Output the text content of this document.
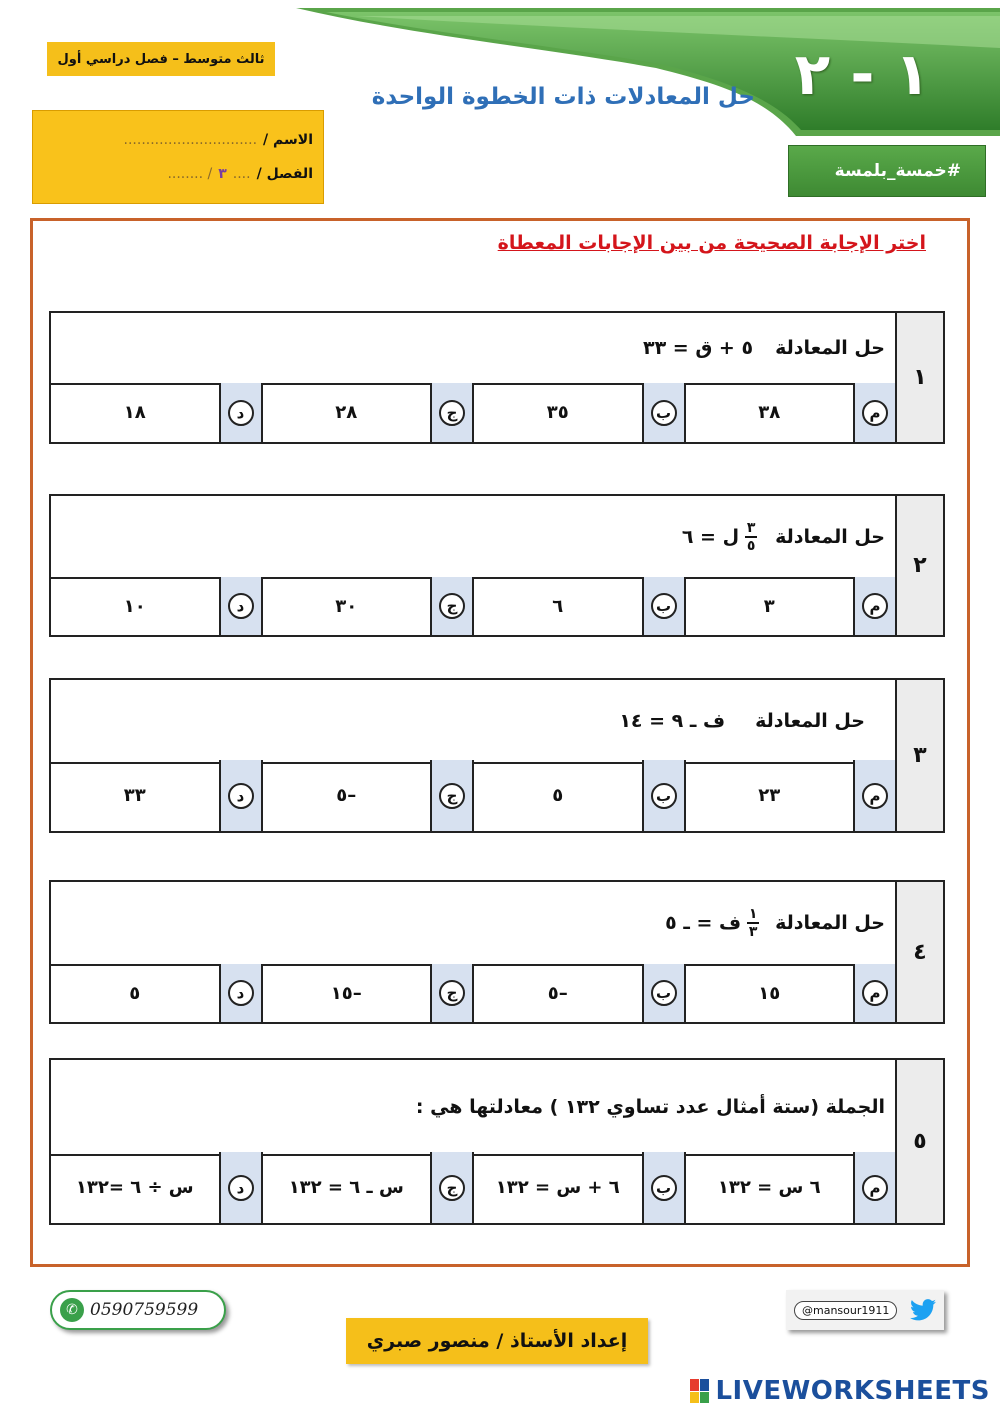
١ - ٢
حل المعادلات ذات الخطوة الواحدة
#خمسة_بلمسة
ثالث متوسط – فصل دراسي أول
الاسم /
..............................
الفصل /
....
٣
/ ........
اختر الإجابة الصحيحة من بين الإجابات المعطاة
١
حل المعادلة
٥ + ق = ٣٣
م
٣٨
ب
٣٥
ج
٢٨
د
١٨
٢
حل المعادلة
$\frac{٣}{٥}$
ل = ٦
م
٣
ب
٦
ج
٣٠
د
١٠
٣
حل المعادلة
ف ـ ٩ = ١٤
م
٢٣
ب
٥
ج
–٥
د
٣٣
٤
حل المعادلة
$\frac{١}{٣}$
ف = ـ ٥
م
١٥
ب
–٥
ج
–١٥
د
٥
٥
الجملة (ستة أمثال عدد تساوي ١٣٢ ) معادلتها هي :
م
٦ س = ١٣٢
ب
٦ + س = ١٣٢
ج
س ـ ٦ = ١٣٢
د
س ÷ ٦ =١٣٢
✆ 0590759599	@mansour1911
إعداد الأستاذ / منصور صبري
LIVEWORKSHEETS
